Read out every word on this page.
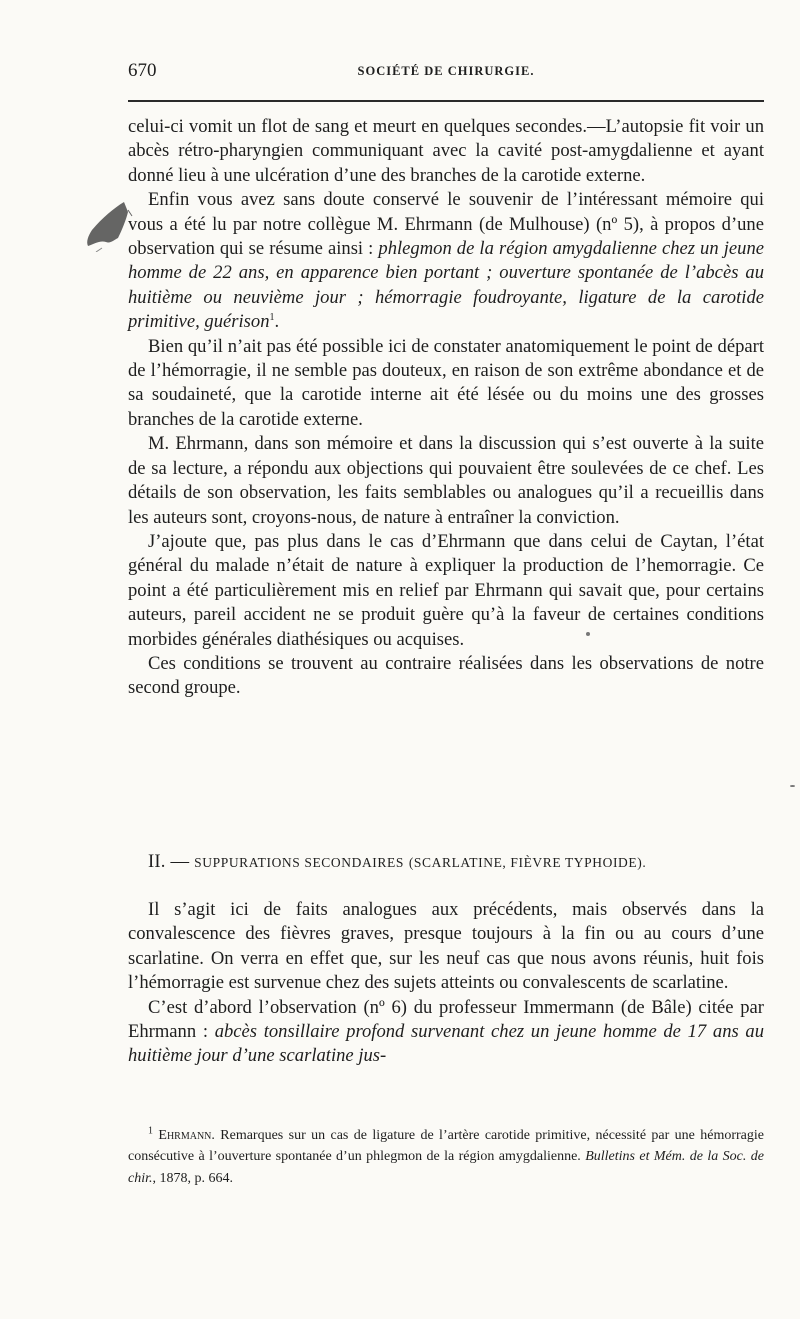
670	SOCIÉTÉ DE CHIRURGIE.

celui-ci vomit un flot de sang et meurt en quelques secondes.—L’autopsie fit voir un abcès rétro-pharyngien communiquant avec la cavité post-amygdalienne et ayant donné lieu à une ulcération d’une des branches de la carotide externe.

Enfin vous avez sans doute conservé le souvenir de l’intéressant mémoire qui vous a été lu par notre collègue M. Ehrmann (de Mulhouse) (nº 5), à propos d’une observation qui se résume ainsi : phlegmon de la région amygdalienne chez un jeune homme de 22 ans, en apparence bien portant ; ouverture spontanée de l’abcès au huitième ou neuvième jour ; hémorragie foudroyante, ligature de la carotide primitive, guérison$^1$.

Bien qu’il n’ait pas été possible ici de constater anatomiquement le point de départ de l’hémorragie, il ne semble pas douteux, en raison de son extrême abondance et de sa soudaineté, que la carotide interne ait été lésée ou du moins une des grosses branches de la carotide externe.

M. Ehrmann, dans son mémoire et dans la discussion qui s’est ouverte à la suite de sa lecture, a répondu aux objections qui pouvaient être soulevées de ce chef. Les détails de son observation, les faits semblables ou analogues qu’il a recueillis dans les auteurs sont, croyons-nous, de nature à entraîner la conviction.

J’ajoute que, pas plus dans le cas d’Ehrmann que dans celui de Caytan, l’état général du malade n’était de nature à expliquer la production de l’hemorragie. Ce point a été particulièrement mis en relief par Ehrmann qui savait que, pour certains auteurs, pareil accident ne se produit guère qu’à la faveur de certaines conditions morbides générales diathésiques ou acquises.

Ces conditions se trouvent au contraire réalisées dans les observations de notre second groupe.

II. — SUPPURATIONS SECONDAIRES (SCARLATINE, FIÈVRE TYPHOIDE).

Il s’agit ici de faits analogues aux précédents, mais observés dans la convalescence des fièvres graves, presque toujours à la fin ou au cours d’une scarlatine. On verra en effet que, sur les neuf cas que nous avons réunis, huit fois l’hémorragie est survenue chez des sujets atteints ou convalescents de scarlatine.

C’est d’abord l’observation (nº 6) du professeur Immermann (de Bâle) citée par Ehrmann : abcès tonsillaire profond survenant chez un jeune homme de 17 ans au huitième jour d’une scarlatine jus-

$^1$ Ehrmann. Remarques sur un cas de ligature de l’artère carotide primitive, nécessité par une hémorragie consécutive à l’ouverture spontanée d’un phlegmon de la région amygdalienne. Bulletins et Mém. de la Soc. de chir., 1878, p. 664.
